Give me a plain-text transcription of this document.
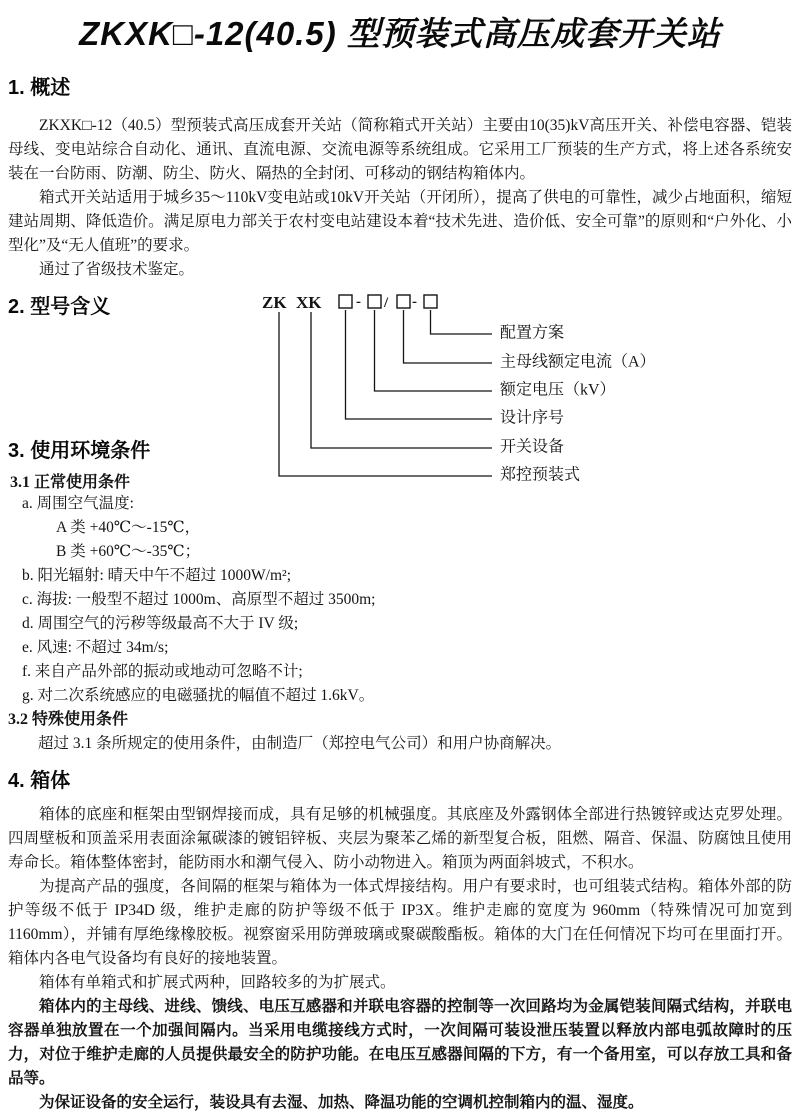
ZKXK□-12(40.5) 型预装式高压成套开关站
1. 概述

ZKXK□-12（40.5）型预装式高压成套开关站（简称箱式开关站）主要由10(35)kV高压开关、补偿电容器、铠装母线、变电站综合自动化、通讯、直流电源、交流电源等系统组成。它采用工厂预装的生产方式，将上述各系统安装在一台防雨、防潮、防尘、防火、隔热的全封闭、可移动的钢结构箱体内。

箱式开关站适用于城乡35～110kV变电站或10kV开关站（开闭所），提高了供电的可靠性，减少占地面积，缩短建站周期、降低造价。满足原电力部关于农村变电站建设本着“技术先进、造价低、安全可靠”的原则和“户外化、小型化”及“无人值班”的要求。

通过了省级技术鉴定。

2. 型号含义	ZK XK - / -
配置方案
主母线额定电流（A）
额定电压（kV）
设计序号
开关设备
郑控预装式
3. 使用环境条件
3.1 正常使用条件
a. 周围空气温度:
A 类 +40℃～-15℃，
B 类 +60℃～-35℃；
b. 阳光辐射: 晴天中午不超过 1000W/m²;
c. 海拔: 一般型不超过 1000m、高原型不超过 3500m;
d. 周围空气的污秽等级最高不大于 IV 级;
e. 风速: 不超过 34m/s;
f. 来自产品外部的振动或地动可忽略不计;
g. 对二次系统感应的电磁骚扰的幅值不超过 1.6kV。
3.2 特殊使用条件
超过 3.1 条所规定的使用条件，由制造厂（郑控电气公司）和用户协商解决。
4. 箱体

箱体的底座和框架由型钢焊接而成，具有足够的机械强度。其底座及外露钢体全部进行热镀锌或达克罗处理。四周壁板和顶盖采用表面涂氟碳漆的镀铝锌板、夹层为聚苯乙烯的新型复合板，阻燃、隔音、保温、防腐蚀且使用寿命长。箱体整体密封，能防雨水和潮气侵入、防小动物进入。箱顶为两面斜坡式，不积水。

为提高产品的强度，各间隔的框架与箱体为一体式焊接结构。用户有要求时，也可组装式结构。箱体外部的防护等级不低于 IP34D 级，维护走廊的防护等级不低于 IP3X。维护走廊的宽度为 960mm（特殊情况可加宽到 1160mm），并铺有厚绝缘橡胶板。视察窗采用防弹玻璃或聚碳酸酯板。箱体的大门在任何情况下均可在里面打开。箱体内各电气设备均有良好的接地装置。

箱体有单箱式和扩展式两种，回路较多的为扩展式。

箱体内的主母线、进线、馈线、电压互感器和并联电容器的控制等一次回路均为金属铠装间隔式结构，并联电容器单独放置在一个加强间隔内。当采用电缆接线方式时，一次间隔可装设泄压装置以释放内部电弧故障时的压力，对位于维护走廊的人员提供最安全的防护功能。在电压互感器间隔的下方，有一个备用室，可以存放工具和备品等。

为保证设备的安全运行，装设具有去湿、加热、降温功能的空调机控制箱内的温、湿度。
